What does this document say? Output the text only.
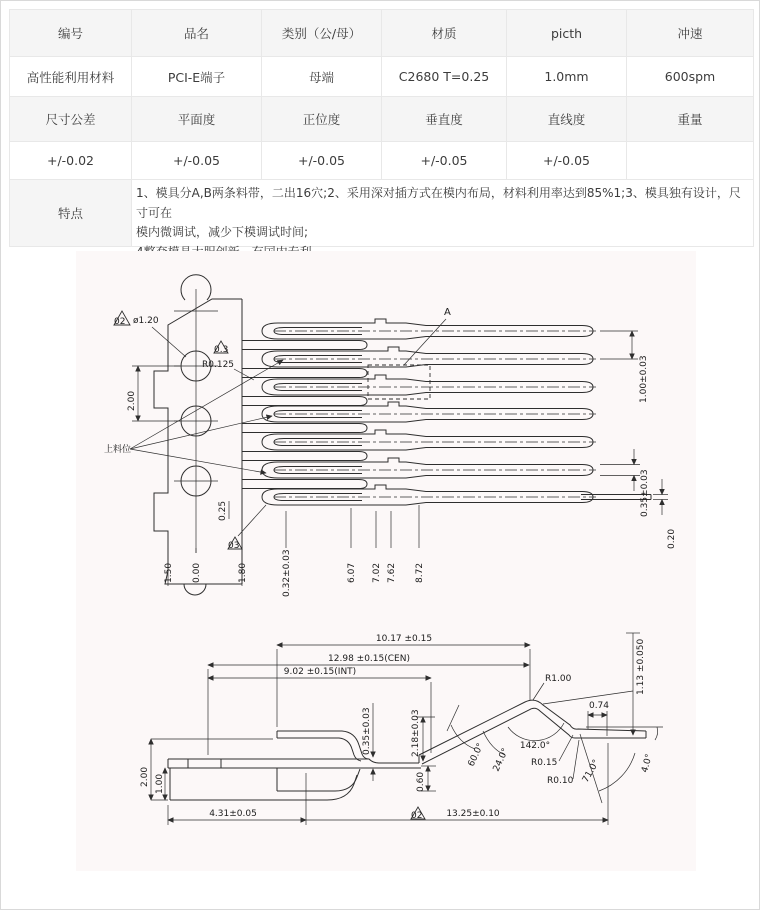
编号	品名	类别（公/母）	材质	picth	冲速
高性能利用材料	PCI-E端子	母端	C2680 T=0.25	1.0mm	600spm
尺寸公差	平面度	正位度	垂直度	直线度	重量
+/-0.02	+/-0.05	+/-0.05	+/-0.05	+/-0.05
特点
1、模具分A,B两条料带，二出16穴;2、采用深对插方式在模内布局，材料利用率达到85%1;3、模具独有设计，尺寸可在
模内微调试，减少下模调试时间;
A
02 ø1.20
0.3
R0.125
2.00
上料位
0.25
03
1.50 0.00	1.80	0.32±0.03	6.07 7.02 7.62 8.72
1.00±0.03
0.35±0.03
0.20
10.17 ±0.15
12.98 ±0.15(CEN)
9.02 ±0.15(INT)
0.35±0.03	2.18±0.03
0.60
2.00 1.00
4.31±0.05	02	13.25±0.10
R1.00
0.74
1.13 ±0.050
142.0°
60.0° 24.0° R0.15
R0.10 71.0°	4.0°
